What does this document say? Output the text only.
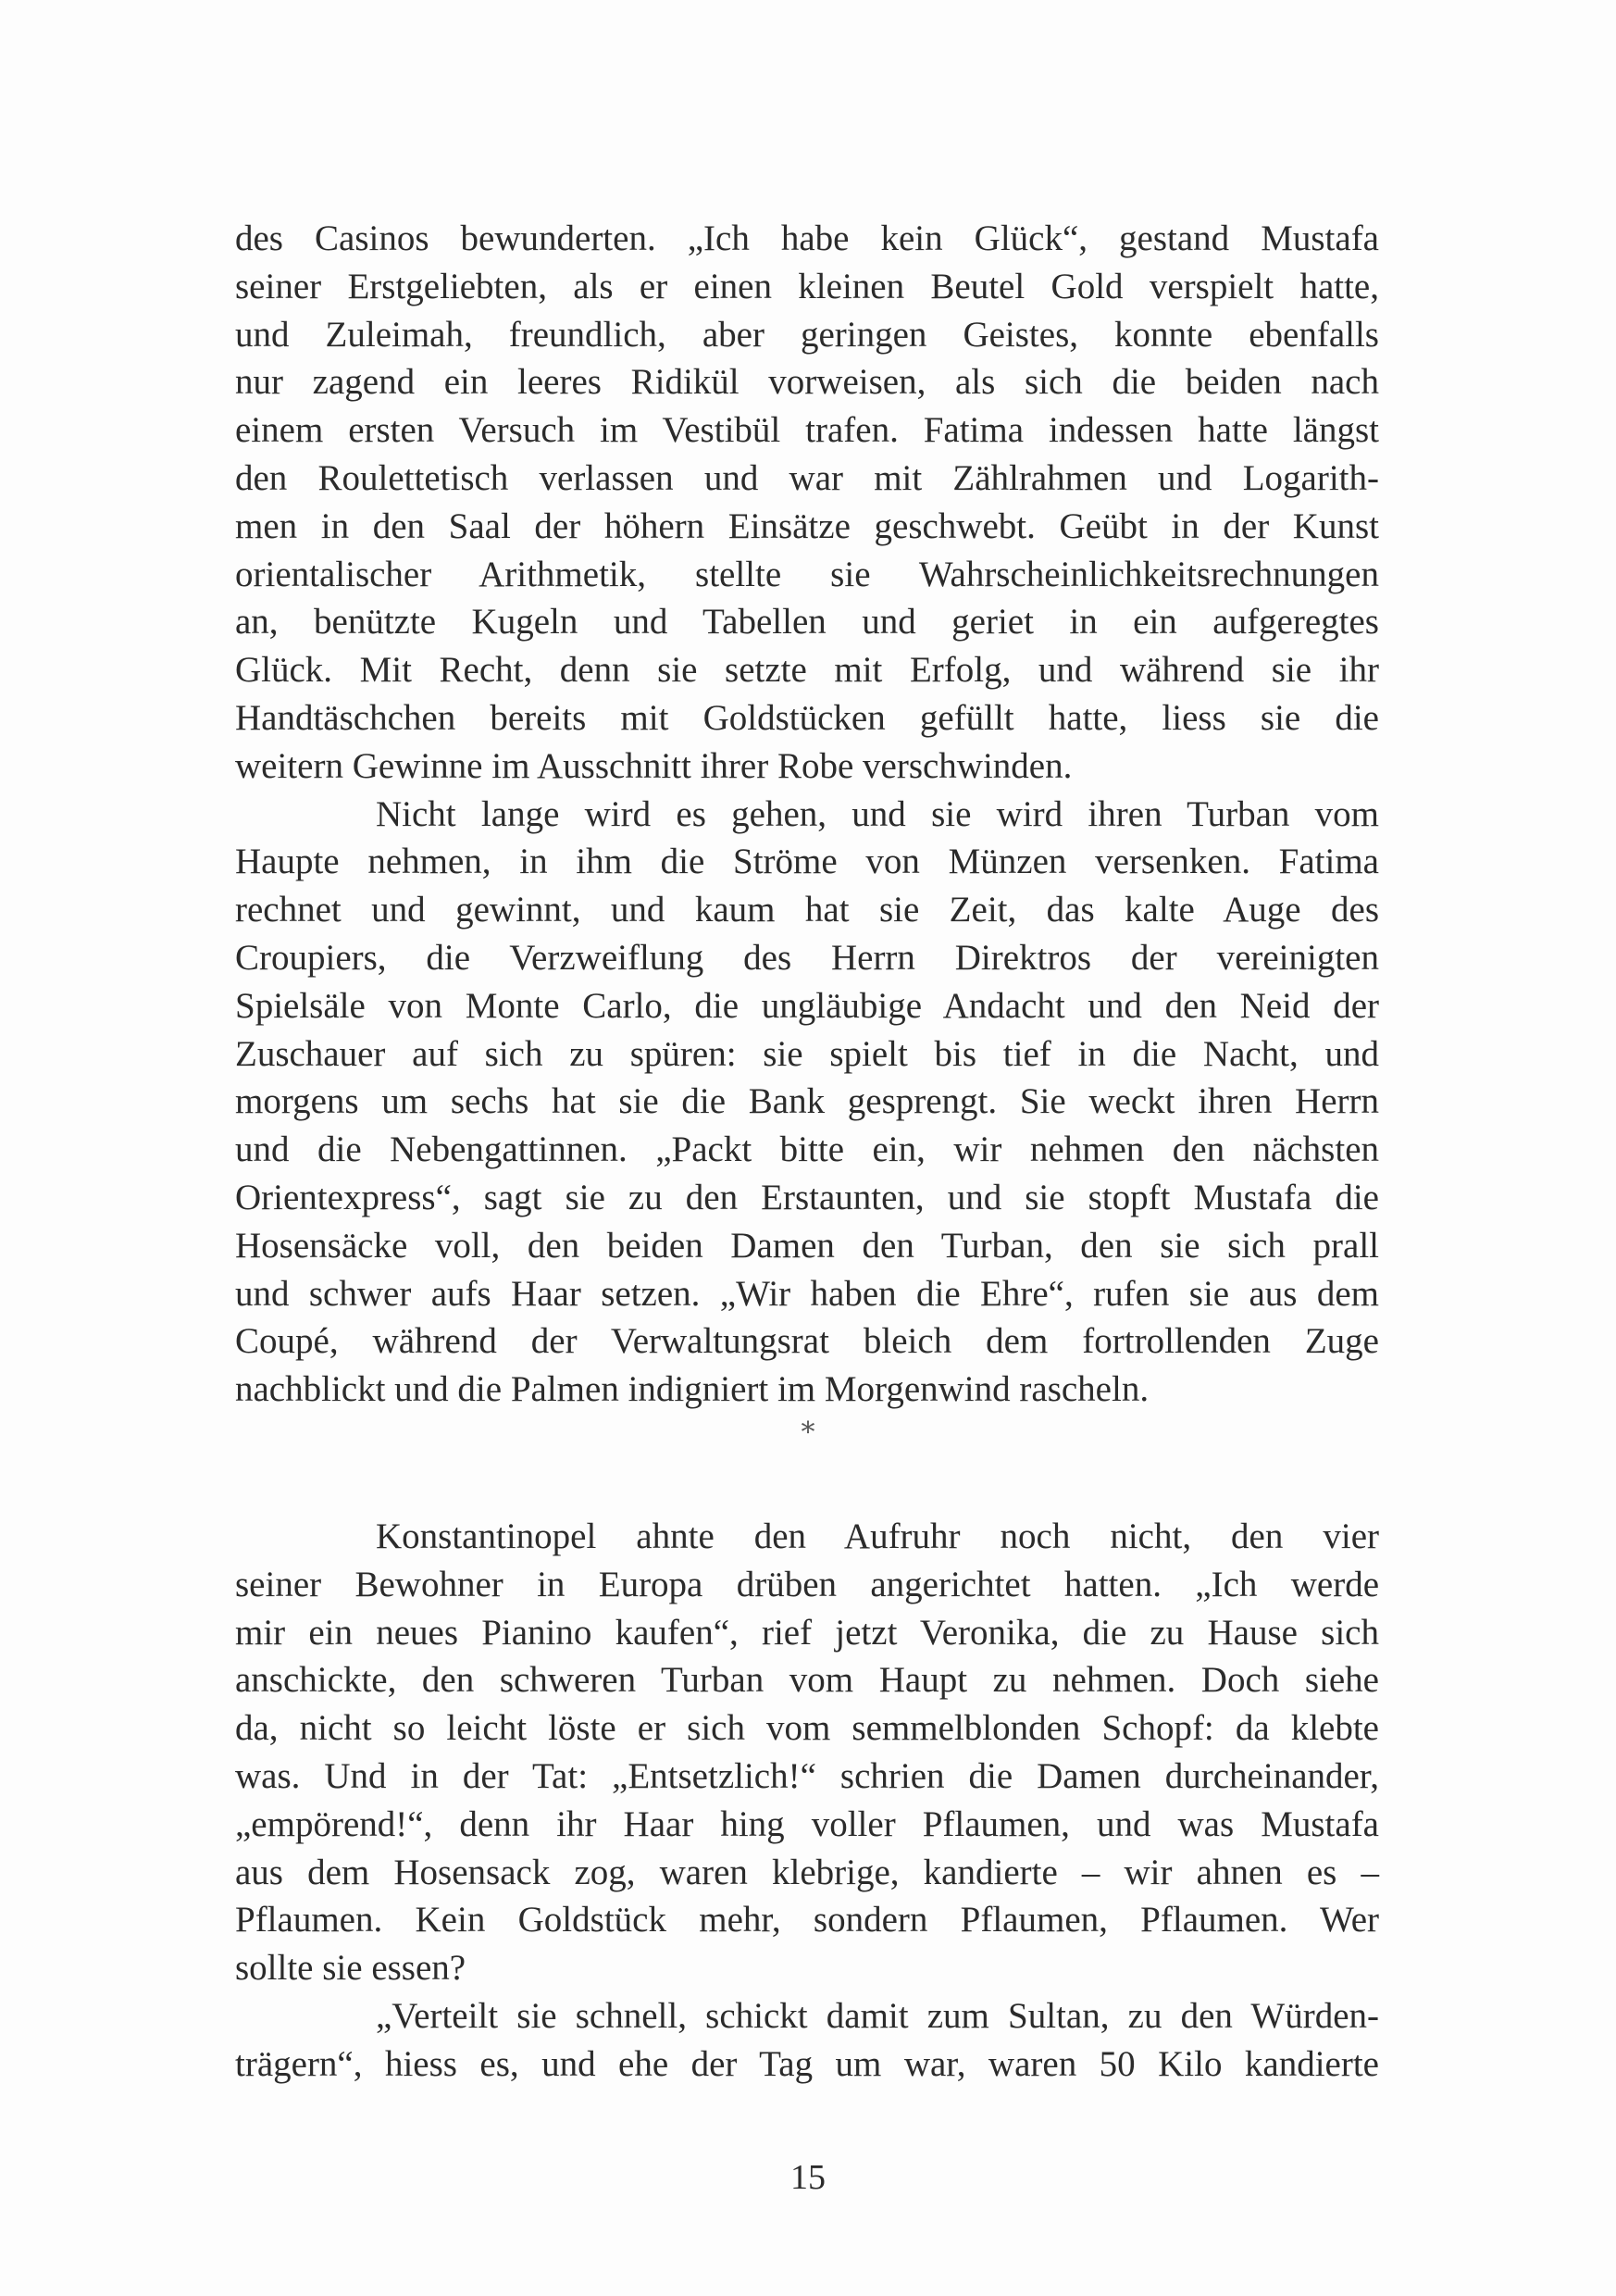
des Casinos bewunderten. „Ich habe kein Glück“, gestand Mustafa
seiner Erstgeliebten, als er einen kleinen Beutel Gold verspielt hatte,
und Zuleimah, freundlich, aber geringen Geistes, konnte ebenfalls
nur zagend ein leeres Ridikül vorweisen, als sich die beiden nach
einem ersten Versuch im Vestibül trafen. Fatima indessen hatte längst
den Roulettetisch verlassen und war mit Zählrahmen und Logarith-
men in den Saal der höhern Einsätze geschwebt. Geübt in der Kunst
orientalischer Arithmetik, stellte sie Wahrscheinlichkeitsrechnungen
an, benützte Kugeln und Tabellen und geriet in ein aufgeregtes
Glück. Mit Recht, denn sie setzte mit Erfolg, und während sie ihr
Handtäschchen bereits mit Goldstücken gefüllt hatte, liess sie die
weitern Gewinne im Ausschnitt ihrer Robe verschwinden.
Nicht lange wird es gehen, und sie wird ihren Turban vom
Haupte nehmen, in ihm die Ströme von Münzen versenken. Fatima
rechnet und gewinnt, und kaum hat sie Zeit, das kalte Auge des
Croupiers, die Verzweiflung des Herrn Direktros der vereinigten
Spielsäle von Monte Carlo, die ungläubige Andacht und den Neid der
Zuschauer auf sich zu spüren: sie spielt bis tief in die Nacht, und
morgens um sechs hat sie die Bank gesprengt. Sie weckt ihren Herrn
und die Nebengattinnen. „Packt bitte ein, wir nehmen den nächsten
Orientexpress“, sagt sie zu den Erstaunten, und sie stopft Mustafa die
Hosensäcke voll, den beiden Damen den Turban, den sie sich prall
und schwer aufs Haar setzen. „Wir haben die Ehre“, rufen sie aus dem
Coupé, während der Verwaltungsrat bleich dem fortrollenden Zuge
nachblickt und die Palmen indigniert im Morgenwind rascheln.
*
Konstantinopel ahnte den Aufruhr noch nicht, den vier
seiner Bewohner in Europa drüben angerichtet hatten. „Ich werde
mir ein neues Pianino kaufen“, rief jetzt Veronika, die zu Hause sich
anschickte, den schweren Turban vom Haupt zu nehmen. Doch siehe
da, nicht so leicht löste er sich vom semmelblonden Schopf: da klebte
was. Und in der Tat: „Entsetzlich!“ schrien die Damen durcheinander,
„empörend!“, denn ihr Haar hing voller Pflaumen, und was Mustafa
aus dem Hosensack zog, waren klebrige, kandierte – wir ahnen es –
Pflaumen. Kein Goldstück mehr, sondern Pflaumen, Pflaumen. Wer
sollte sie essen?
„Verteilt sie schnell, schickt damit zum Sultan, zu den Würden-
trägern“, hiess es, und ehe der Tag um war, waren 50 Kilo kandierte
15
